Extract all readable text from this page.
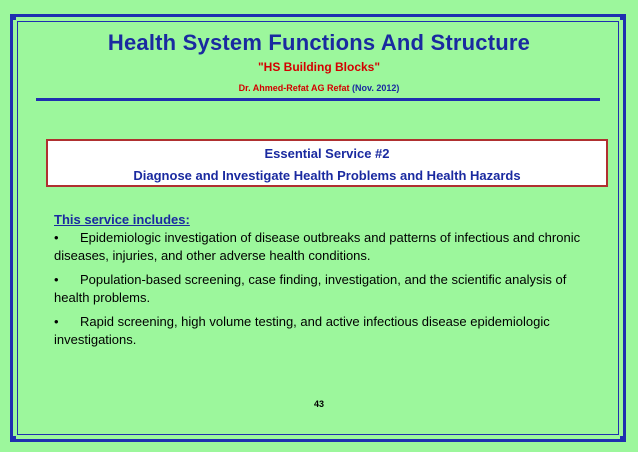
Health System Functions And Structure
"HS Building Blocks"
Dr. Ahmed-Refat AG Refat (Nov. 2012)
Essential Service #2
Diagnose and Investigate Health Problems and Health Hazards
This service includes:

• Epidemiologic investigation of disease outbreaks and patterns of infectious and chronic diseases, injuries, and other adverse health conditions.

• Population-based screening, case finding, investigation, and the scientific analysis of health problems.

• Rapid screening, high volume testing, and active infectious disease epidemiologic investigations.

43
